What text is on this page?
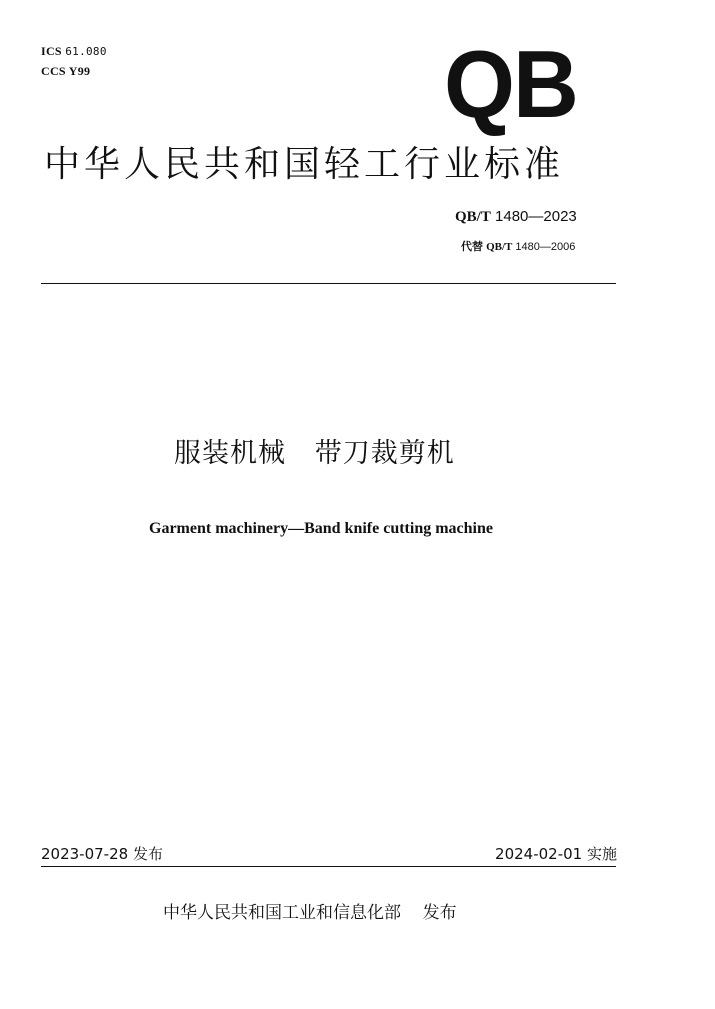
ICS 61.080
CCS Y99	QB
中华人民共和国轻工行业标准
QB/T 1480—2023
代替 QB/T 1480—2006
服装机械   带刀裁剪机
Garment machinery—Band knife cutting machine
2023-07-28 发布	2024-02-01 实施
中华人民共和国工业和信息化部    发布
